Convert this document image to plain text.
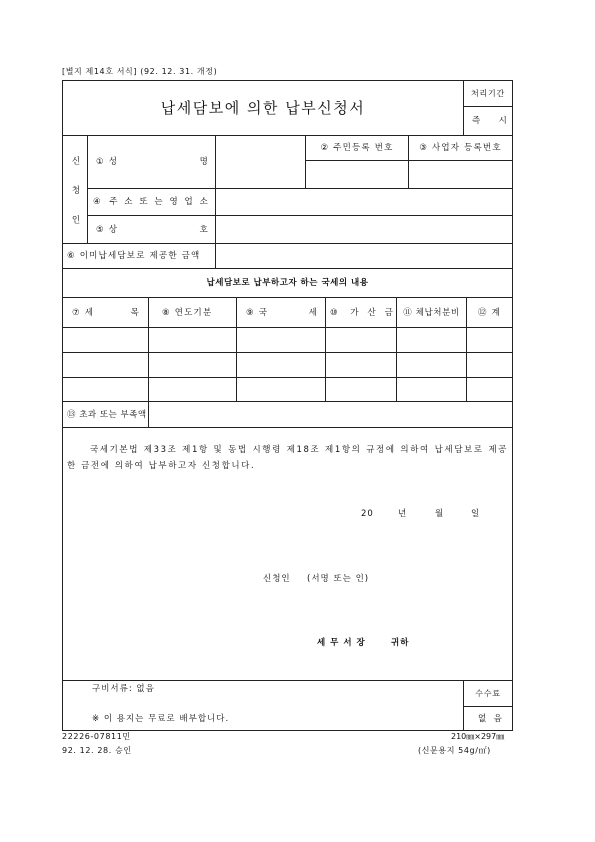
[별지 제14호 서식] (92. 12. 31. 개정)
납세담보에 의한 납부신청서
처리기간
즉 시
신청인 ① 성	명
② 주민등록 번호	③ 사업자 등록번호
④ 주 소 또 는 영 업 소
⑤ 상	호
⑥ 이미납세담보로 제공한 금액
납세담보로 납부하고자 하는 국세의 내용
⑦ 세	목	⑧ 연도기분	⑨ 국	세 ⑩ 가 산 금 ⑪ 체납처분비 ⑫ 계
⑬ 초과 또는 부족액

국세기본법 제33조 제1항 및 동법 시행령 제18조 제1항의 규정에 의하여 납세담보로 제공한 금전에 의하여 납부하고자 신청합니다.

20	년	월	일
신청인 (서명 또는 인)
세 무 서 장	귀하
구비서류: 없음
※ 이 용지는 무료로 배부합니다.
수수료
없 음
22226-07811민	210㎜×297㎜
92. 12. 28. 승인	(신문용지 54g/㎡)
